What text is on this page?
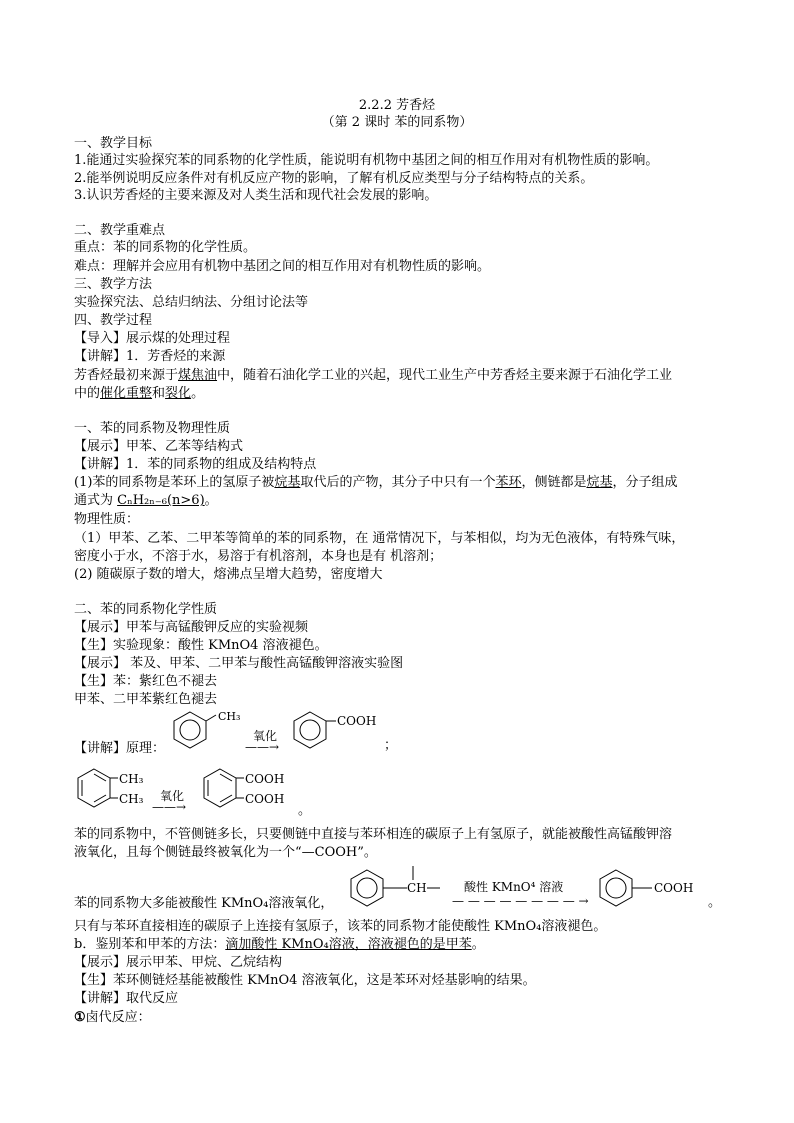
2.2.2 芳香烃
（第 2 课时 苯的同系物）
一、教学目标
1.能通过实验探究苯的同系物的化学性质，能说明有机物中基团之间的相互作用对有机物性质的影响。
2.能举例说明反应条件对有机反应产物的影响，了解有机反应类型与分子结构特点的关系。
3.认识芳香烃的主要来源及对人类生活和现代社会发展的影响。
二、教学重难点
重点：苯的同系物的化学性质。
难点：理解并会应用有机物中基团之间的相互作用对有机物性质的影响。
三、教学方法
实验探究法、总结归纳法、分组讨论法等
四、教学过程
【导入】展示煤的处理过程
【讲解】1．芳香烃的来源
芳香烃最初来源于煤焦油中，随着石油化学工业的兴起，现代工业生产中芳香烃主要来源于石油化学工业
中的催化重整和裂化。
一、苯的同系物及物理性质
【展示】甲苯、乙苯等结构式
【讲解】1．苯的同系物的组成及结构特点
(1)苯的同系物是苯环上的氢原子被烷基取代后的产物，其分子中只有一个苯环，侧链都是烷基，分子组成
通式为 CₙH₂ₙ₋₆(n>6)。
物理性质：
（1）甲苯、乙苯、二甲苯等简单的苯的同系物，在 通常情况下，与苯相似，均为无色液体，有特殊气味，
密度小于水，不溶于水，易溶于有机溶剂，本身也是有 机溶剂；
(2) 随碳原子数的增大，熔沸点呈增大趋势，密度增大
二、苯的同系物化学性质
【展示】甲苯与高锰酸钾反应的实验视频
【生】实验现象：酸性 KMnO4 溶液褪色。
【展示】 苯及、甲苯、二甲苯与酸性高锰酸钾溶液实验图
【生】苯：紫红色不褪去
甲苯、二甲苯紫红色褪去
【讲解】原理：
CH₃
氧化
——→
COOH
；
CH₃
CH₃ 氧化
——→
COOH
COOH
。
苯的同系物中，不管侧链多长，只要侧链中直接与苯环相连的碳原子上有氢原子，就能被酸性高锰酸钾溶
液氧化，且每个侧链最终被氧化为一个“—COOH”。
苯的同系物大多能被酸性 KMnO₄溶液氧化，
CH	酸性 KMnO⁴ 溶液
— — — — — — — — →
COOH
。
只有与苯环直接相连的碳原子上连接有氢原子，该苯的同系物才能使酸性 KMnO₄溶液褪色。
b．鉴别苯和甲苯的方法：滴加酸性 KMnO₄溶液，溶液褪色的是甲苯。
【展示】展示甲苯、甲烷、乙烷结构
【生】苯环侧链烃基能被酸性 KMnO4 溶液氧化，这是苯环对烃基影响的结果。
【讲解】取代反应
①卤代反应：
